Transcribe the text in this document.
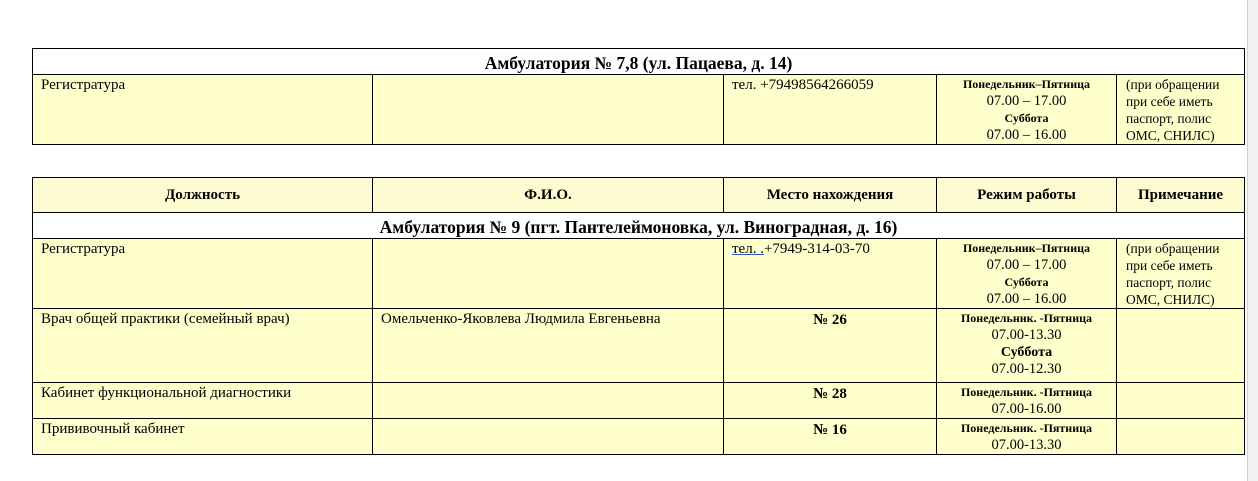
Амбулатория № 7,8 (ул. Пацаева, д. 14)
Регистратура		тел. +79498564266059	Понедельник–Пятница
07.00 – 17.00
Суббота
07.00 – 16.00
	(при обращении при себе иметь паспорт, полис ОМС, СНИЛС)
Должность	Ф.И.О.	Место нахождения	Режим работы	Примечание
Амбулатория № 9 (пгт. Пантелеймоновка, ул. Виноградная, д. 16)				
Регистратура		тел. .+7949-314-03-70	Понедельник–Пятница
07.00 – 17.00
Суббота
07.00 – 16.00	(при обращении при себе иметь паспорт, полис ОМС, СНИЛС)
Врач общей практики (семейный врач)	Омельченко-Яковлева Людмила Евгеньевна	№ 26	Понедельник. -Пятница
07.00-13.30
Суббота
07.00-12.30	

Кабинет функциональной диагностики		№ 28	Понедельник. -Пятница
07.00-16.00	

Прививочный кабинет		№ 16	Понедельник. -Пятница
07.00-13.30	
